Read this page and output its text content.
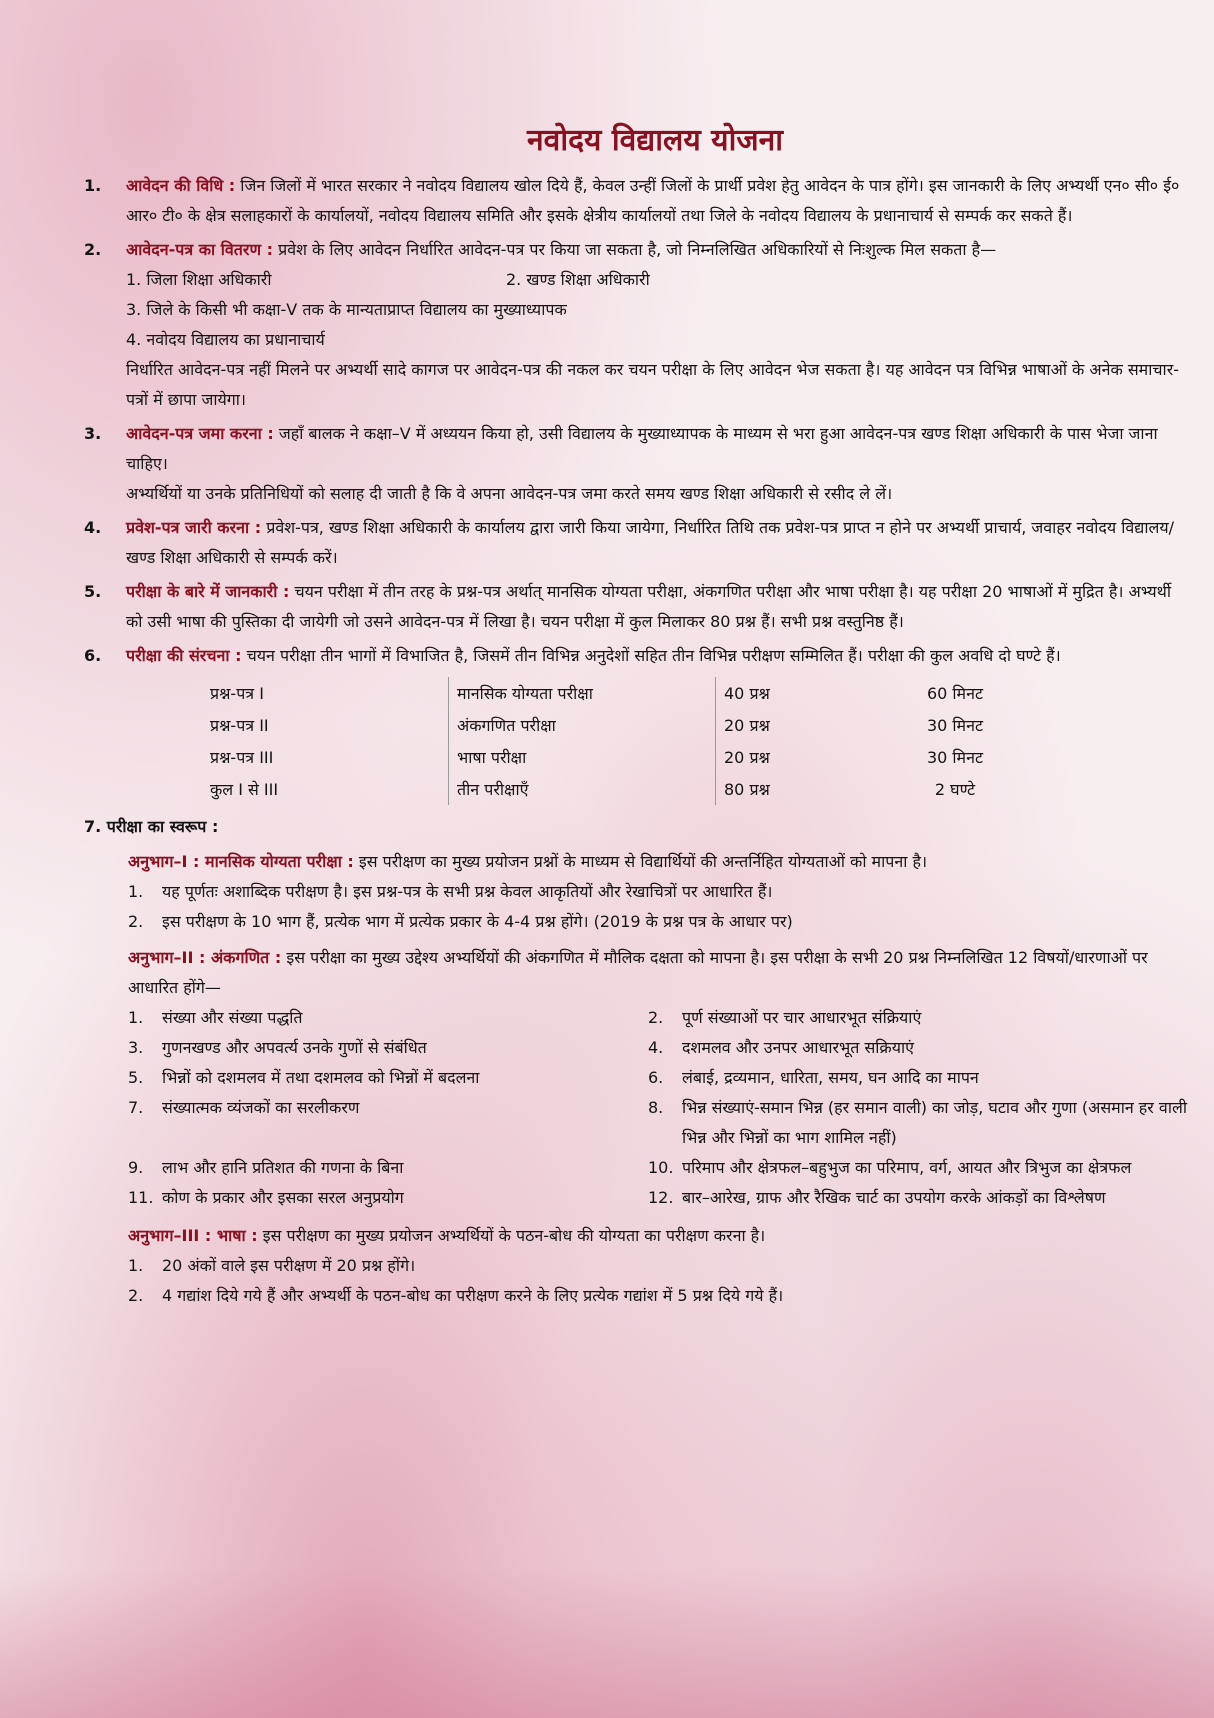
नवोदय विद्यालय योजना
1. आवेदन की विधि : जिन जिलों में भारत सरकार ने नवोदय विद्यालय खोल दिये हैं, केवल उन्हीं जिलों के प्रार्थी प्रवेश हेतु आवेदन के पात्र होंगे। इस जानकारी के लिए अभ्यर्थी एन० सी० ई० आर० टी० के क्षेत्र सलाहकारों के कार्यालयों, नवोदय विद्यालय समिति और इसके क्षेत्रीय कार्यालयों तथा जिले के नवोदय विद्यालय के प्रधानाचार्य से सम्पर्क कर सकते हैं।
2. आवेदन-पत्र का वितरण : प्रवेश के लिए आवेदन निर्धारित आवेदन-पत्र पर किया जा सकता है, जो निम्नलिखित अधिकारियों से निःशुल्क मिल सकता है—
1. जिला शिक्षा अधिकारी	2. खण्ड शिक्षा अधिकारी
3. जिले के किसी भी कक्षा-V तक के मान्यताप्राप्त विद्यालय का मुख्याध्यापक
4. नवोदय विद्यालय का प्रधानाचार्य
निर्धारित आवेदन-पत्र नहीं मिलने पर अभ्यर्थी सादे कागज पर आवेदन-पत्र की नकल कर चयन परीक्षा के लिए आवेदन भेज सकता है। यह आवेदन पत्र विभिन्न भाषाओं के अनेक समाचार-पत्रों में छापा जायेगा।
3. आवेदन-पत्र जमा करना : जहाँ बालक ने कक्षा–V में अध्ययन किया हो, उसी विद्यालय के मुख्याध्यापक के माध्यम से भरा हुआ आवेदन-पत्र खण्ड शिक्षा अधिकारी के पास भेजा जाना चाहिए।
अभ्यर्थियों या उनके प्रतिनिधियों को सलाह दी जाती है कि वे अपना आवेदन-पत्र जमा करते समय खण्ड शिक्षा अधिकारी से रसीद ले लें।
4. प्रवेश-पत्र जारी करना : प्रवेश-पत्र, खण्ड शिक्षा अधिकारी के कार्यालय द्वारा जारी किया जायेगा, निर्धारित तिथि तक प्रवेश-पत्र प्राप्त न होने पर अभ्यर्थी प्राचार्य, जवाहर नवोदय विद्यालय/खण्ड शिक्षा अधिकारी से सम्पर्क करें।
5. परीक्षा के बारे में जानकारी : चयन परीक्षा में तीन तरह के प्रश्न-पत्र अर्थात् मानसिक योग्यता परीक्षा, अंकगणित परीक्षा और भाषा परीक्षा है। यह परीक्षा 20 भाषाओं में मुद्रित है। अभ्यर्थी को उसी भाषा की पुस्तिका दी जायेगी जो उसने आवेदन-पत्र में लिखा है। चयन परीक्षा में कुल मिलाकर 80 प्रश्न हैं। सभी प्रश्न वस्तुनिष्ठ हैं।
6. परीक्षा की संरचना : चयन परीक्षा तीन भागों में विभाजित है, जिसमें तीन विभिन्न अनुदेशों सहित तीन विभिन्न परीक्षण सम्मिलित हैं। परीक्षा की कुल अवधि दो घण्टे हैं।
प्रश्न-पत्र I	मानसिक योग्यता परीक्षा	40 प्रश्न	60 मिनट
प्रश्न-पत्र II	अंकगणित परीक्षा	20 प्रश्न	30 मिनट
प्रश्न-पत्र III	भाषा परीक्षा	20 प्रश्न	30 मिनट
कुल I से III	तीन परीक्षाएँ	80 प्रश्न	2 घण्टे
7. परीक्षा का स्वरूप :
अनुभाग–I : मानसिक योग्यता परीक्षा : इस परीक्षण का मुख्य प्रयोजन प्रश्नों के माध्यम से विद्यार्थियों की अन्तर्निहित योग्यताओं को मापना है।
1.	यह पूर्णतः अशाब्दिक परीक्षण है। इस प्रश्न-पत्र के सभी प्रश्न केवल आकृतियों और रेखाचित्रों पर आधारित हैं।
2.	इस परीक्षण के 10 भाग हैं, प्रत्येक भाग में प्रत्येक प्रकार के 4-4 प्रश्न होंगे। (2019 के प्रश्न पत्र के आधार पर)
अनुभाग–II : अंकगणित : इस परीक्षा का मुख्य उद्देश्य अभ्यर्थियों की अंकगणित में मौलिक दक्षता को मापना है। इस परीक्षा के सभी 20 प्रश्न निम्नलिखित 12 विषयों/धारणाओं पर आधारित होंगे—
1.	संख्या और संख्या पद्धति	2.	पूर्ण संख्याओं पर चार आधारभूत संक्रियाएं
3.	गुणनखण्ड और अपवर्त्य उनके गुणों से संबंधित	4.	दशमलव और उनपर आधारभूत सक्रियाएं
5.	भिन्नों को दशमलव में तथा दशमलव को भिन्नों में बदलना	6.	लंबाई, द्रव्यमान, धारिता, समय, घन आदि का मापन
7.	संख्यात्मक व्यंजकों का सरलीकरण	8.	भिन्न संख्याएं-समान भिन्न (हर समान वाली) का जोड़, घटाव और गुणा (असमान हर वाली भिन्न और भिन्नों का भाग शामिल नहीं)
9.	लाभ और हानि प्रतिशत की गणना के बिना	10. परिमाप और क्षेत्रफल–बहुभुज का परिमाप, वर्ग, आयत और त्रिभुज का क्षेत्रफल
11. कोण के प्रकार और इसका सरल अनुप्रयोग	12. बार–आरेख, ग्राफ और रैखिक चार्ट का उपयोग करके आंकड़ों का विश्लेषण
अनुभाग–III : भाषा : इस परीक्षण का मुख्य प्रयोजन अभ्यर्थियों के पठन-बोध की योग्यता का परीक्षण करना है।
1.	20 अंकों वाले इस परीक्षण में 20 प्रश्न होंगे।
2.	4 गद्यांश दिये गये हैं और अभ्यर्थी के पठन-बोध का परीक्षण करने के लिए प्रत्येक गद्यांश में 5 प्रश्न दिये गये हैं।
